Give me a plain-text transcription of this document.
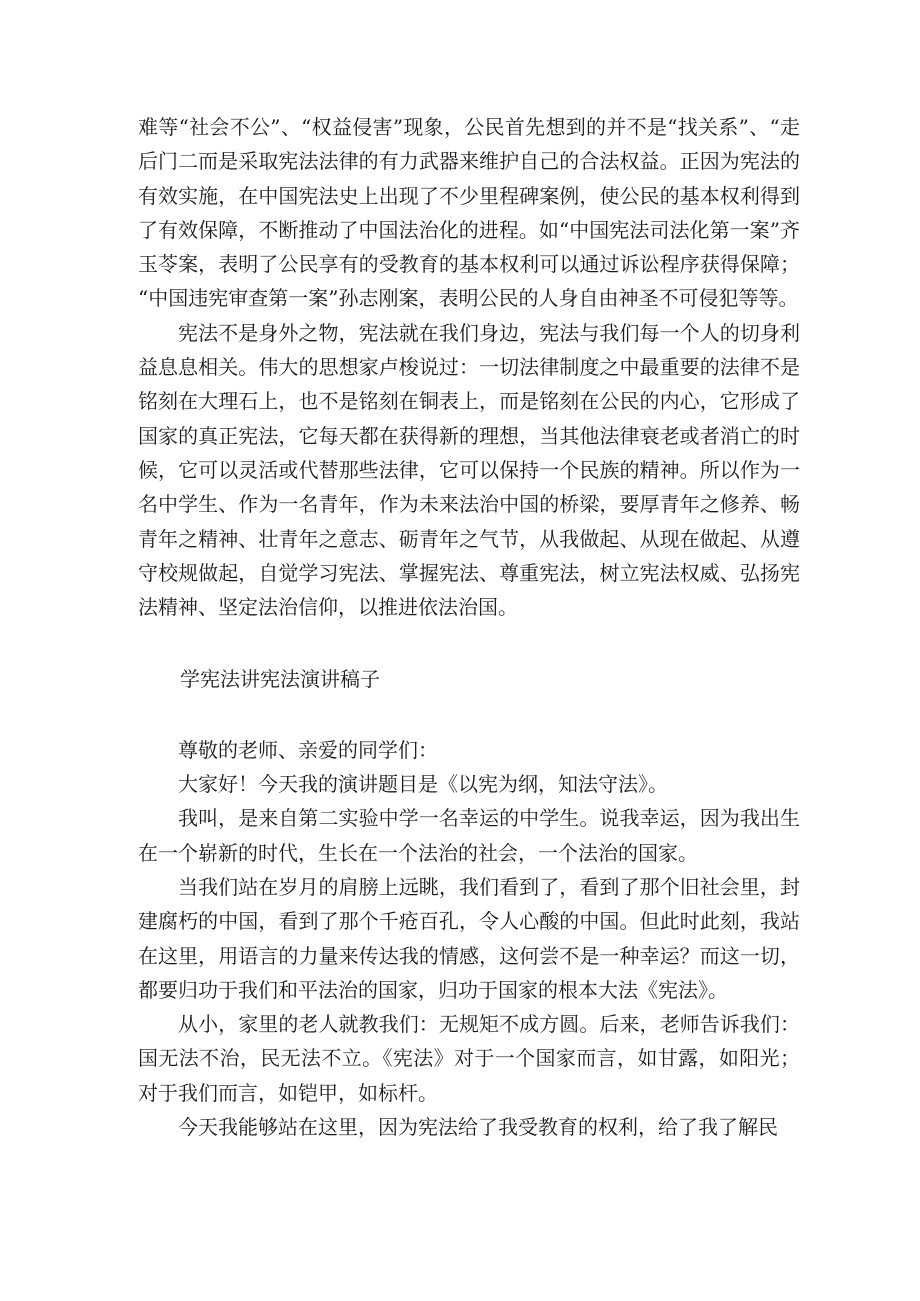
难等“社会不公”、“权益侵害”现象，公民首先想到的并不是“找关系”、“走后门二而是采取宪法法律的有力武器来维护自己的合法权益。正因为宪法的有效实施，在中国宪法史上出现了不少里程碑案例，使公民的基本权利得到了有效保障，不断推动了中国法治化的进程。如“中国宪法司法化第一案”齐玉苓案，表明了公民享有的受教育的基本权利可以通过诉讼程序获得保障；“中国违宪审查第一案”孙志刚案，表明公民的人身自由神圣不可侵犯等等。

宪法不是身外之物，宪法就在我们身边，宪法与我们每一个人的切身利益息息相关。伟大的思想家卢梭说过：一切法律制度之中最重要的法律不是铭刻在大理石上，也不是铭刻在铜表上，而是铭刻在公民的内心，它形成了国家的真正宪法，它每天都在获得新的理想，当其他法律衰老或者消亡的时候，它可以灵活或代替那些法律，它可以保持一个民族的精神。所以作为一名中学生、作为一名青年，作为未来法治中国的桥梁，要厚青年之修养、畅青年之精神、壮青年之意志、砺青年之气节，从我做起、从现在做起、从遵守校规做起，自觉学习宪法、掌握宪法、尊重宪法，树立宪法权威、弘扬宪法精神、坚定法治信仰，以推进依法治国。

学宪法讲宪法演讲稿子

尊敬的老师、亲爱的同学们：

大家好！今天我的演讲题目是《以宪为纲，知法守法》。

我叫，是来自第二实验中学一名幸运的中学生。说我幸运，因为我出生在一个崭新的时代，生长在一个法治的社会，一个法治的国家。

当我们站在岁月的肩膀上远眺，我们看到了，看到了那个旧社会里，封建腐朽的中国，看到了那个千疮百孔，令人心酸的中国。但此时此刻，我站在这里，用语言的力量来传达我的情感，这何尝不是一种幸运？而这一切，都要归功于我们和平法治的国家，归功于国家的根本大法《宪法》。

从小，家里的老人就教我们：无规矩不成方圆。后来，老师告诉我们：国无法不治，民无法不立。《宪法》对于一个国家而言，如甘露，如阳光；对于我们而言，如铠甲，如标杆。

今天我能够站在这里，因为宪法给了我受教育的权利，给了我了解民
